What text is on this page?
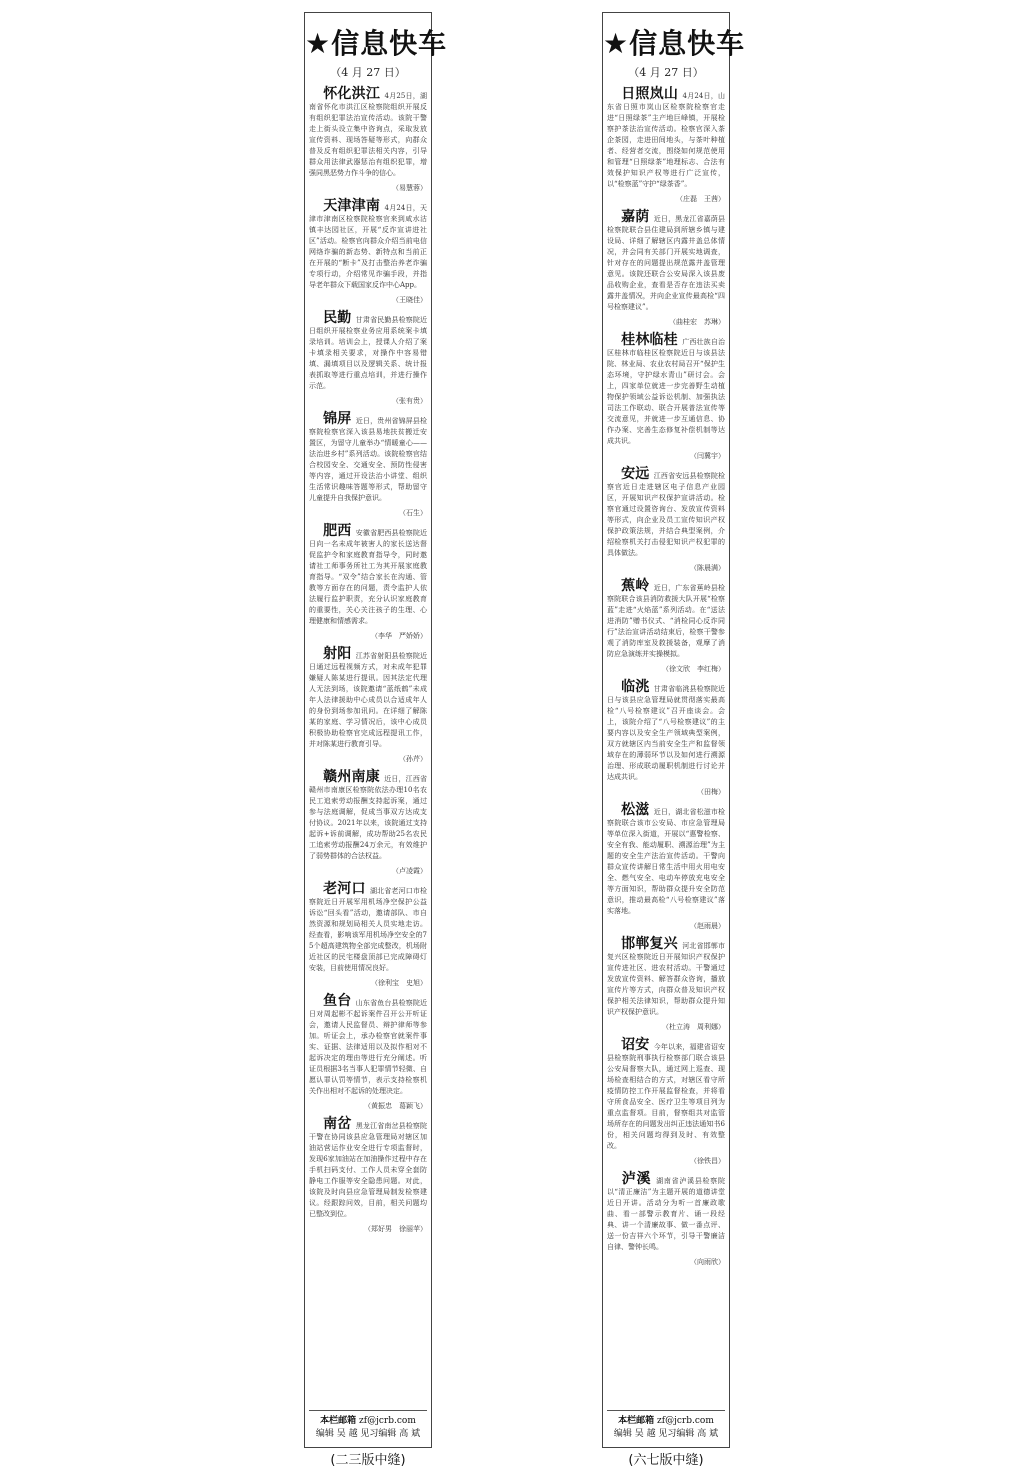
★信息快车
（4 月 27 日）
怀化洪江 4月25日，湖南省怀化市洪江区检察院组织开展反有组织犯罪法治宣传活动。该院干警走上街头设立集中咨询点，采取发放宣传资料、现场答疑等形式，向群众普及反有组织犯罪法相关内容，引导群众用法律武器惩治有组织犯罪，增强同黑恶势力作斗争的信心。
（易慧蓉）
天津津南 4月24日，天津市津南区检察院检察官来到咸水沽镇丰达园社区，开展“反诈宣讲进社区”活动。检察官向群众介绍当前电信网络诈骗的新态势、新特点和当前正在开展的“断卡”及打击整治养老诈骗专项行动，介绍常见诈骗手段，并指导老年群众下载国家反诈中心App。
（王晓佳）
民勤 甘肃省民勤县检察院近日组织开展检察业务应用系统案卡填录培训。培训会上，授课人介绍了案卡填录相关要求，对操作中容易错填、漏填项目以及逻辑关系、统计报表抓取等进行重点培训，并进行操作示范。
（张有贵）
锦屏 近日，贵州省锦屏县检察院检察官深入该县易地扶贫搬迁安置区，为留守儿童举办“情暖童心——法治进乡村”系列活动。该院检察官结合校园安全、交通安全、预防性侵害等内容，通过开设法治小讲堂、组织生活常识趣味答题等形式，帮助留守儿童提升自我保护意识。
（石生）
肥西 安徽省肥西县检察院近日向一名未成年被害人的家长送达督促监护令和家庭教育指导令，同时邀请社工师事务所社工为其开展家庭教育指导。“双令”结合家长在沟通、管教等方面存在的问题，责令监护人依法履行监护职责，充分认识家庭教育的重要性，关心关注孩子的生理、心理健康和情感需求。
（李华　严娇娇）
射阳 江苏省射阳县检察院近日通过远程视频方式，对未成年犯罪嫌疑人陈某进行提讯。因其法定代理人无法到场，该院邀请“蓝纸鹤”未成年人法律援助中心成员以合适成年人的身份到场参加讯问。在详细了解陈某的家庭、学习情况后，该中心成员积极协助检察官完成远程提讯工作，并对陈某进行教育引导。
（孙芹）
赣州南康 近日，江西省赣州市南康区检察院依法办理10名农民工追索劳动报酬支持起诉案，通过参与法庭调解，促成当事双方达成支付协议。2021年以来，该院通过支持起诉+诉前调解，成功帮助25名农民工追索劳动报酬24万余元，有效维护了弱势群体的合法权益。
（卢凌霞）
老河口 湖北省老河口市检察院近日开展军用机场净空保护公益诉讼“回头看”活动，邀请部队、市自然资源和规划局相关人员实地走访。经查看，影响该军用机场净空安全的75个超高建筑物全部完成整改，机场附近社区的民宅楼盘顶部已完成障碍灯安装，目前使用情况良好。
（徐利宝　史旭）
鱼台 山东省鱼台县检察院近日对周起彬不起诉案件召开公开听证会，邀请人民监督员、辩护律师等参加。听证会上，承办检察官就案件事实、证据、法律适用以及拟作相对不起诉决定的理由等进行充分阐述。听证员根据3名当事人犯罪情节轻微、自愿认罪认罚等情节，表示支持检察机关作出相对不起诉的处理决定。
（黄振忠　葛颖飞）
南岔 黑龙江省南岔县检察院干警在协同该县应急管理局对辖区加油站营运作业安全进行专项监督时，发现6家加油站在加油操作过程中存在手机扫码支付、工作人员未穿全套防静电工作服等安全隐患问题。对此，该院及时向县应急管理局制发检察建议。经跟踪问效，目前，相关问题均已整改到位。
（郑好男　徐丽苹）
本栏邮箱 zf@jcrb.com
编辑 吴 越 见习编辑 高 斌
★信息快车
（4 月 27 日）
日照岚山 4月24日，山东省日照市岚山区检察院检察官走进“日照绿茶”主产地巨峰镇，开展检察护茶法治宣传活动。检察官深入茶企茶园，走进田间地头，与茶叶种植者、经营者交流，围绕如何规范使用和管理“日照绿茶”地理标志、合法有效保护知识产权等进行广泛宣传，以“检察蓝”守护“绿茶香”。
（庄磊　王茜）
嘉荫 近日，黑龙江省嘉荫县检察院联合县住建局到所辖乡镇与建设局、详细了解辖区内露井盖总体情况，并会同有关部门开展实地调查，针对存在的问题提出规范露井盖管理意见。该院还联合公安局深入该县废品收购企业，查看是否存在违法买卖露井盖情况，并向企业宣传最高检“四号检察建议”。
（曲桂宏　苏琳）
桂林临桂 广西壮族自治区桂林市临桂区检察院近日与该县法院、林业局、农业农村局召开“保护生态环境，守护绿水青山”研讨会。会上，四家单位就进一步完善野生动植物保护领域公益诉讼机制、加强执法司法工作联动、联合开展普法宣传等交流意见，并就进一步互通信息、协作办案、完善生态修复补偿机制等达成共识。
（闫冀宇）
安远 江西省安远县检察院检察官近日走进辖区电子信息产业园区，开展知识产权保护宣讲活动。检察官通过设置咨询台、发放宣传资料等形式，向企业及员工宣传知识产权保护政策法规，并结合典型案例，介绍检察机关打击侵犯知识产权犯罪的具体做法。
（陈晨满）
蕉岭 近日，广东省蕉岭县检察院联合该县消防救援大队开展“检察蓝”走进“火焰蓝”系列活动。在“送法进消防”赠书仪式、“消检同心反诈同行”法治宣讲活动结束后，检察干警参观了消防库室及救援装备，观摩了消防应急演练并实操模拟。
（徐文欣　李红梅）
临洮 甘肃省临洮县检察院近日与该县应急管理局就贯彻落实最高检“八号检察建议”召开座谈会。会上，该院介绍了“八号检察建议”的主要内容以及安全生产领域典型案例，双方就辖区内当前安全生产和监督领域存在的薄弱环节以及如何进行溯源治理、形成联动履职机制进行讨论并达成共识。
（田梅）
松滋 近日，湖北省松滋市检察院联合该市公安局、市应急管理局等单位深入街道，开展以“惠警检察、安全有我、能动履职、溯源治理”为主题的安全生产法治宣传活动。干警向群众宣传讲解日常生活中用火用电安全、燃气安全、电动车停放充电安全等方面知识，帮助群众提升安全防范意识，推动最高检“八号检察建议”落实落地。
（赵雨晨）
邯郸复兴 河北省邯郸市复兴区检察院近日开展知识产权保护宣传进社区、进农村活动。干警通过发放宣传资料、解答群众咨询，播放宣传片等方式，向群众普及知识产权保护相关法律知识，帮助群众提升知识产权保护意识。
（杜立涛　周利娜）
诏安 今年以来，福建省诏安县检察院刑事执行检察部门联合该县公安局督察大队，通过网上巡查、现场检查相结合的方式，对辖区看守所疫情防控工作开展监督检查，并将看守所食品安全、医疗卫生等项目列为重点监督项。目前，督察组共对监管场所存在的问题发出纠正违法通知书6份，相关问题均得到及时、有效整改。
（徐铁昌）
泸溪 湖南省泸溪县检察院以“清正廉洁”为主题开展的道德讲堂近日开讲。活动分为听一首廉政歌曲、看一部警示教育片、诵一段经典、讲一个清廉故事、做一番点评、送一份吉祥六个环节，引导干警廉洁自律、警钟长鸣。
（向雨欣）
本栏邮箱 zf@jcrb.com
编辑 吴 越 见习编辑 高 斌
(二三版中缝)	(六七版中缝)
